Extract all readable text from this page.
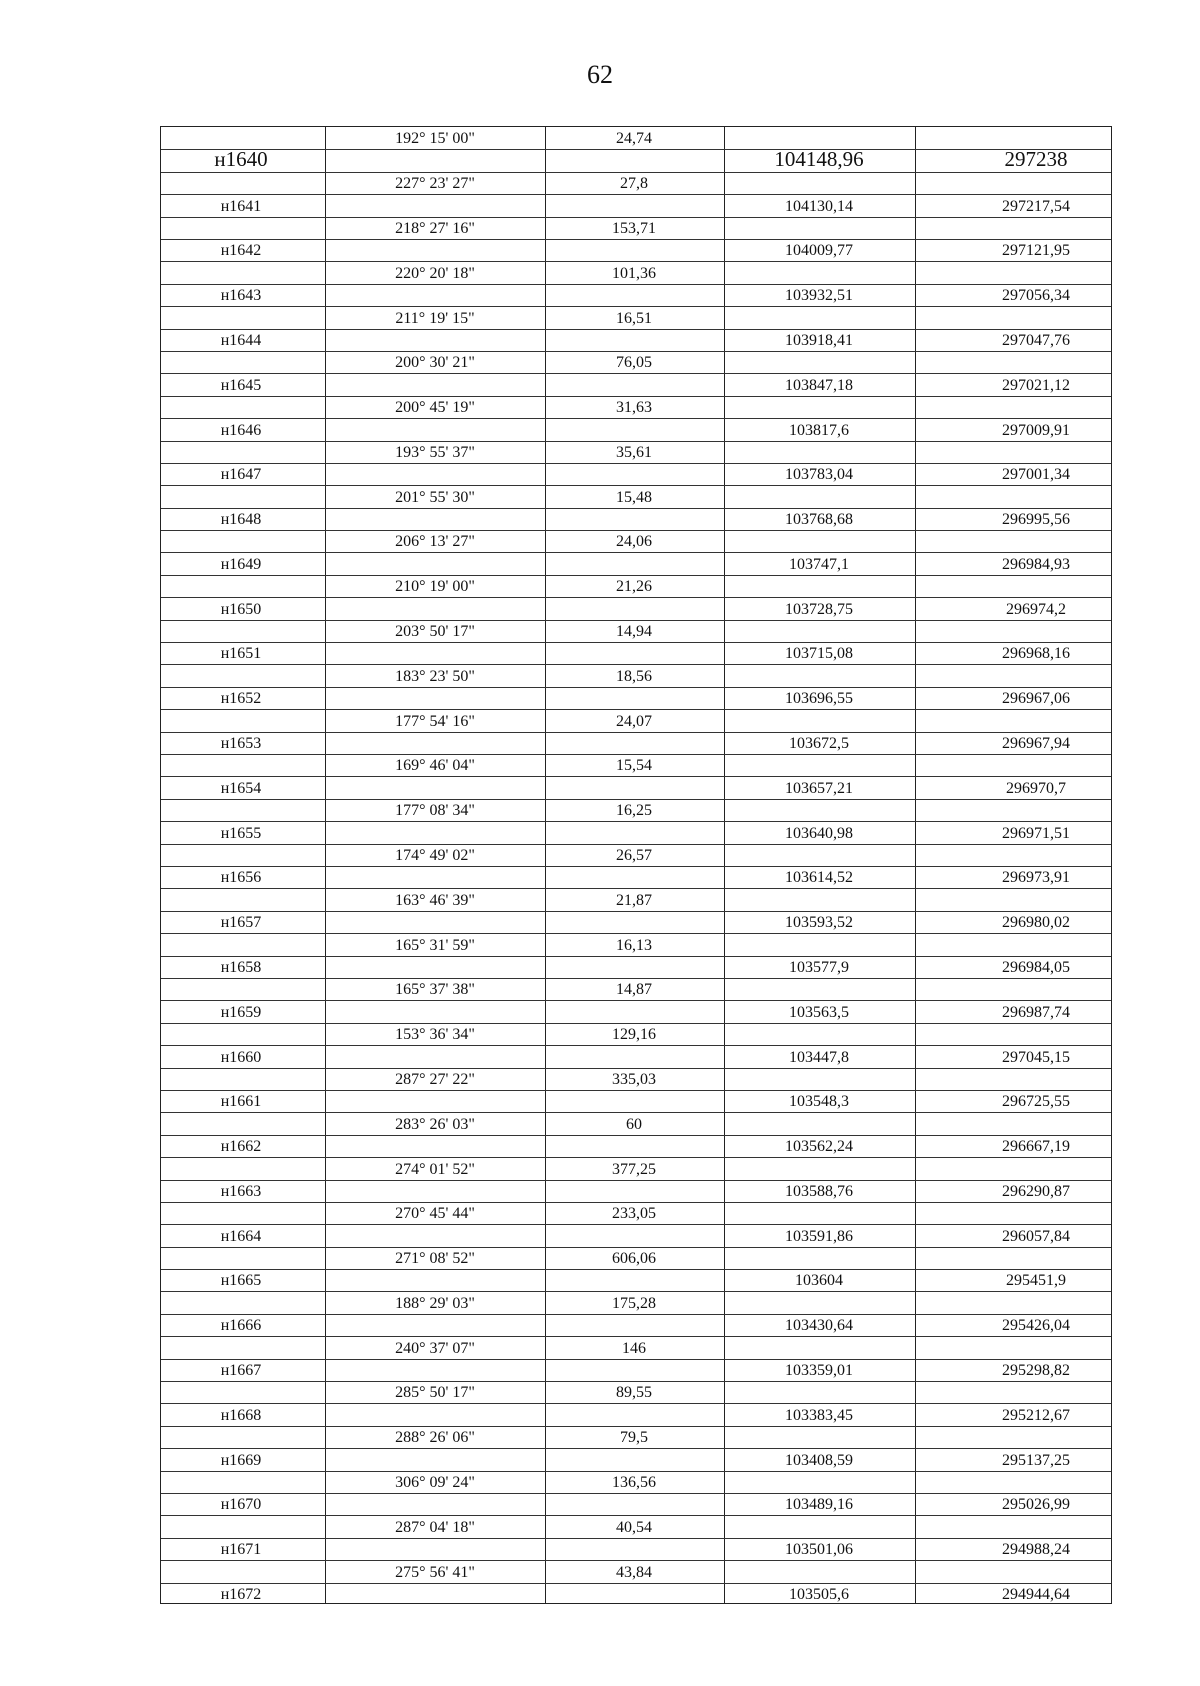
62
192° 15' 00"	24,74
н1640	104148,96	297238
227° 23' 27"	27,8
н1641	104130,14	297217,54
218° 27' 16"	153,71
н1642	104009,77	297121,95
220° 20' 18"	101,36
н1643	103932,51	297056,34
211° 19' 15"	16,51
н1644	103918,41	297047,76
200° 30' 21"	76,05
н1645	103847,18	297021,12
200° 45' 19"	31,63
н1646	103817,6	297009,91
193° 55' 37"	35,61
н1647	103783,04	297001,34
201° 55' 30"	15,48
н1648	103768,68	296995,56
206° 13' 27"	24,06
н1649	103747,1	296984,93
210° 19' 00"	21,26
н1650	103728,75	296974,2
203° 50' 17"	14,94
н1651	103715,08	296968,16
183° 23' 50"	18,56
н1652	103696,55	296967,06
177° 54' 16"	24,07
н1653	103672,5	296967,94
169° 46' 04"	15,54
н1654	103657,21	296970,7
177° 08' 34"	16,25
н1655	103640,98	296971,51
174° 49' 02"	26,57
н1656	103614,52	296973,91
163° 46' 39"	21,87
н1657	103593,52	296980,02
165° 31' 59"	16,13
н1658	103577,9	296984,05
165° 37' 38"	14,87
н1659	103563,5	296987,74
153° 36' 34"	129,16
н1660	103447,8	297045,15
287° 27' 22"	335,03
н1661	103548,3	296725,55
283° 26' 03"	60
н1662	103562,24	296667,19
274° 01' 52"	377,25
н1663	103588,76	296290,87
270° 45' 44"	233,05
н1664	103591,86	296057,84
271° 08' 52"	606,06
н1665	103604	295451,9
188° 29' 03"	175,28
н1666	103430,64	295426,04
240° 37' 07"	146
н1667	103359,01	295298,82
285° 50' 17"	89,55
н1668	103383,45	295212,67
288° 26' 06"	79,5
н1669	103408,59	295137,25
306° 09' 24"	136,56
н1670	103489,16	295026,99
287° 04' 18"	40,54
н1671	103501,06	294988,24
275° 56' 41"	43,84
н1672	103505,6	294944,64
